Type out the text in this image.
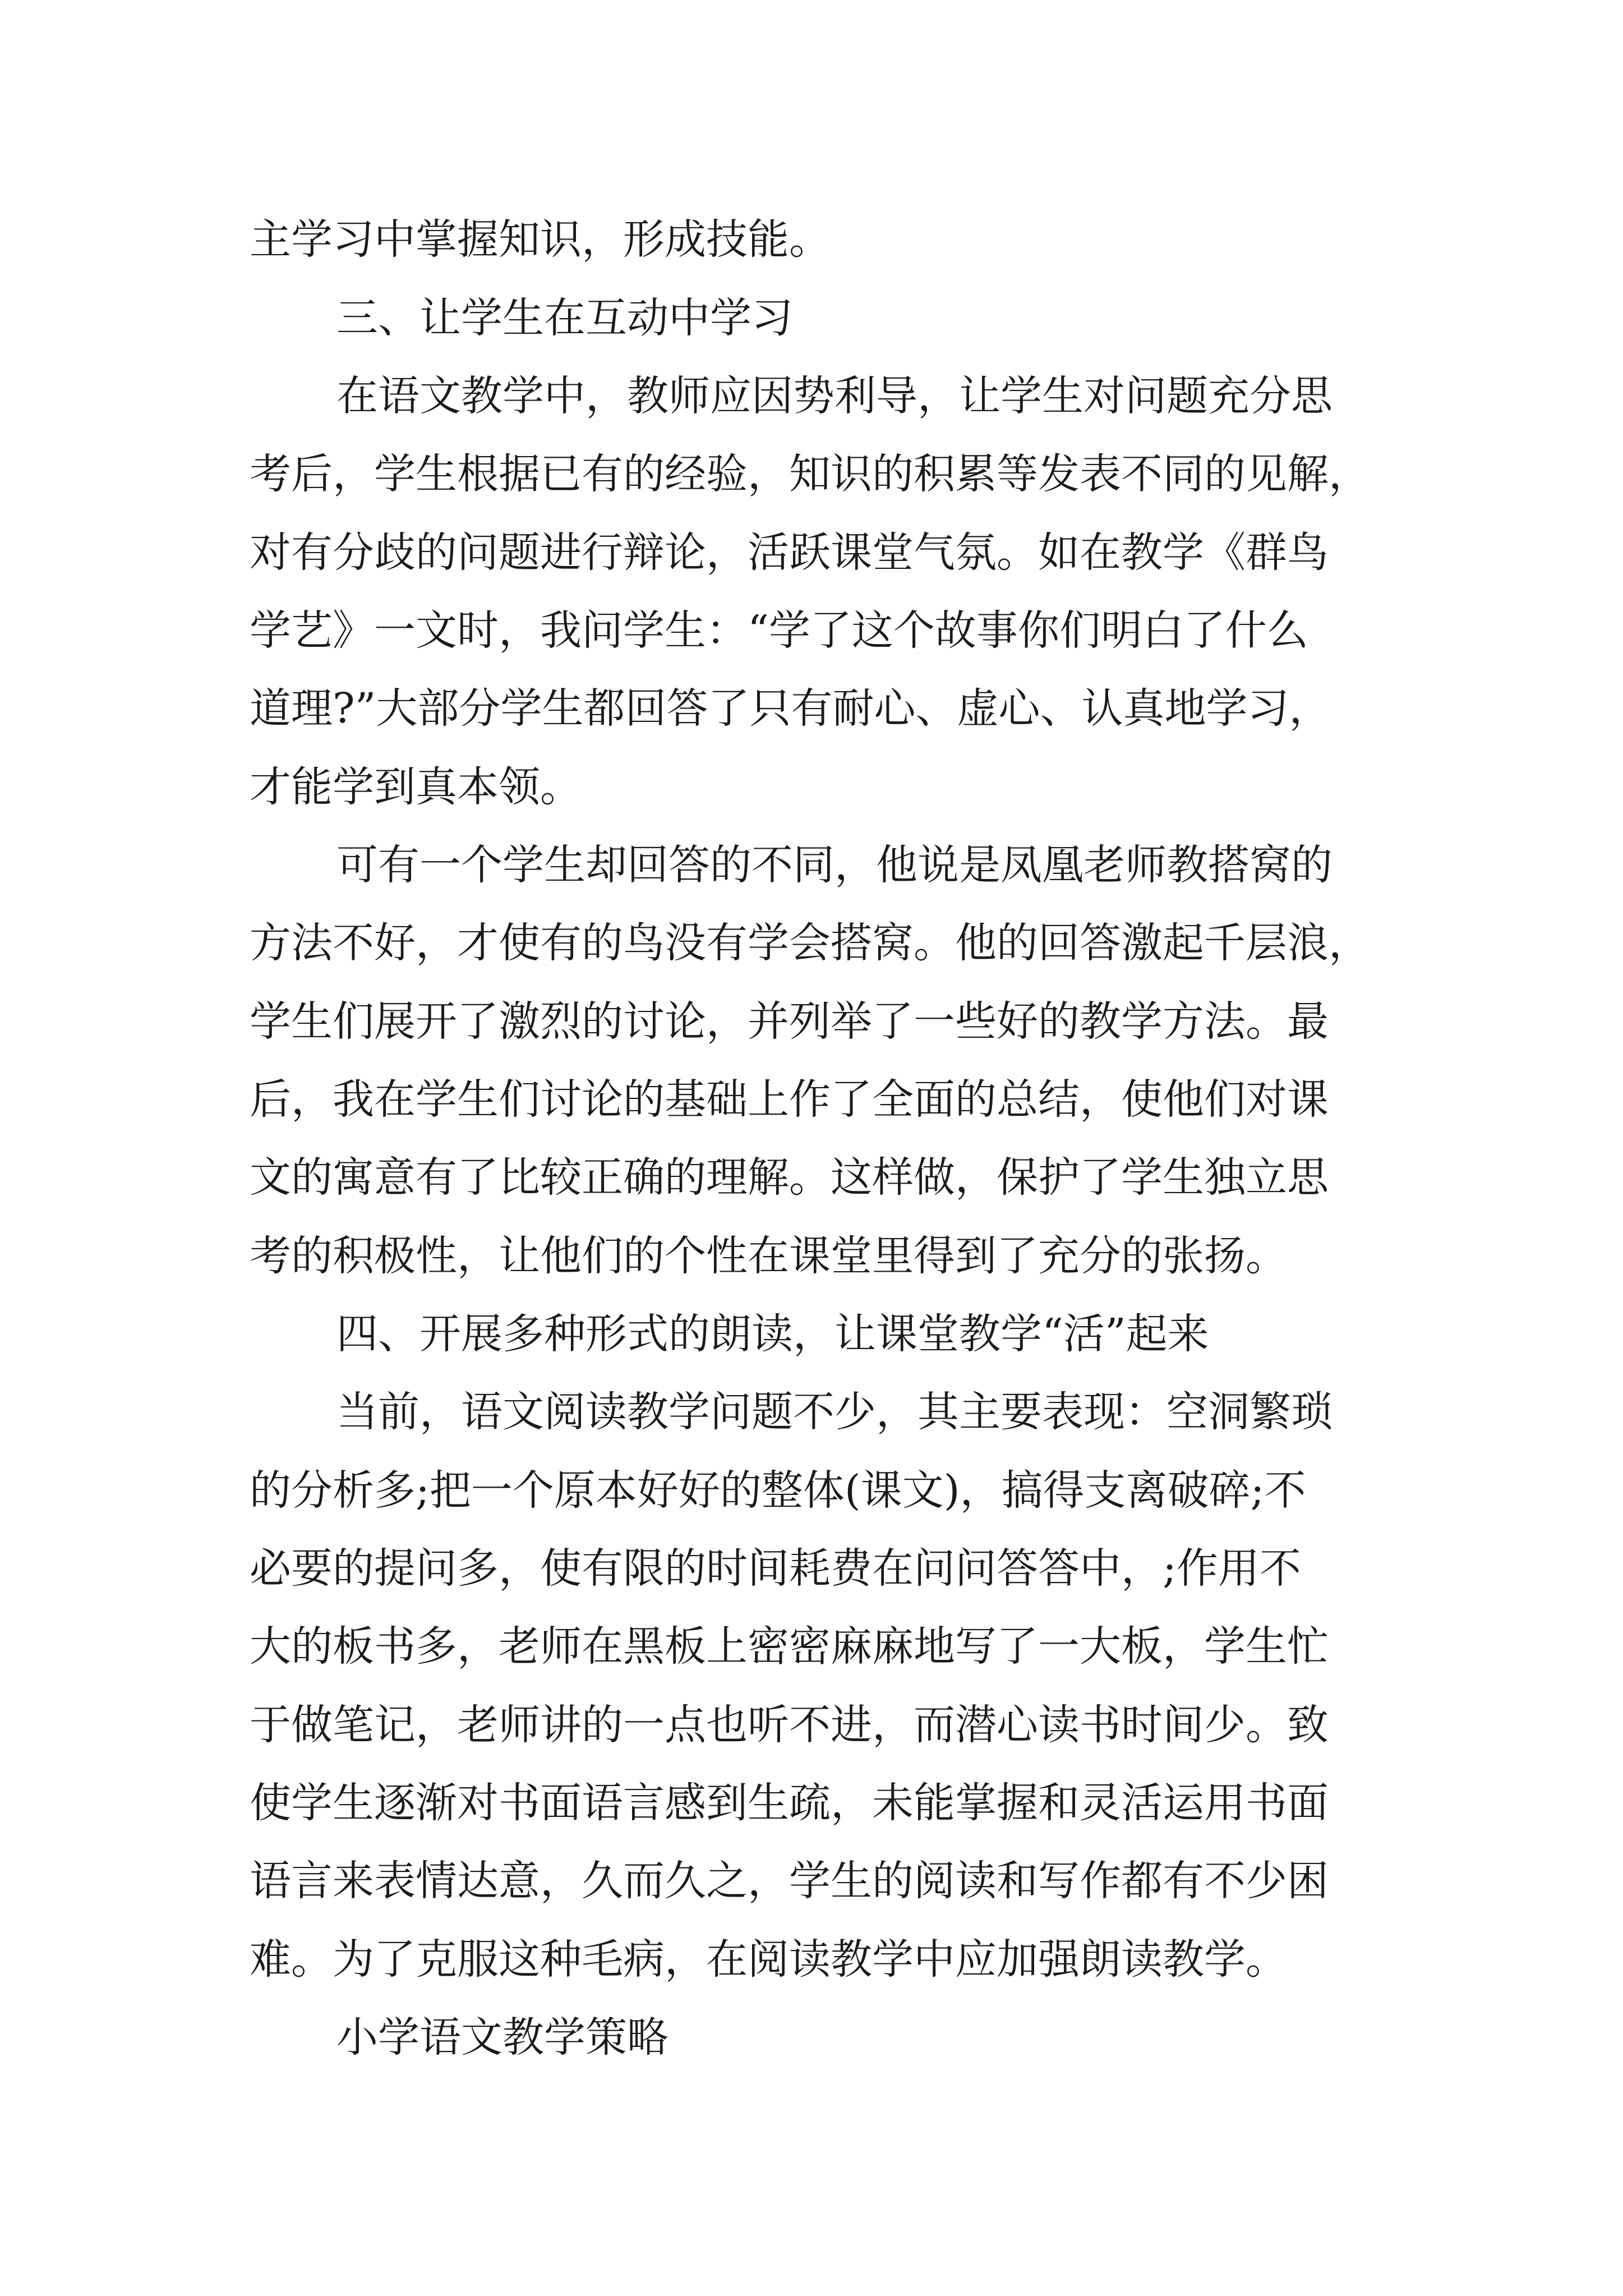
主学习中掌握知识，形成技能。

三、让学生在互动中学习

在语文教学中，教师应因势利导，让学生对问题充分思

考后，学生根据已有的经验，知识的积累等发表不同的见解，

对有分歧的问题进行辩论，活跃课堂气氛。如在教学《群鸟

学艺》一文时，我问学生：“学了这个故事你们明白了什么

道理?”大部分学生都回答了只有耐心、虚心、认真地学习，

才能学到真本领。

可有一个学生却回答的不同，他说是凤凰老师教搭窝的

方法不好，才使有的鸟没有学会搭窝。他的回答激起千层浪，

学生们展开了激烈的讨论，并列举了一些好的教学方法。最

后，我在学生们讨论的基础上作了全面的总结，使他们对课

文的寓意有了比较正确的理解。这样做，保护了学生独立思

考的积极性，让他们的个性在课堂里得到了充分的张扬。

四、开展多种形式的朗读，让课堂教学“活”起来

当前，语文阅读教学问题不少，其主要表现：空洞繁琐

的分析多;把一个原本好好的整体(课文)，搞得支离破碎;不

必要的提问多，使有限的时间耗费在问问答答中，;作用不

大的板书多，老师在黑板上密密麻麻地写了一大板，学生忙

于做笔记，老师讲的一点也听不进，而潜心读书时间少。致

使学生逐渐对书面语言感到生疏，未能掌握和灵活运用书面

语言来表情达意，久而久之，学生的阅读和写作都有不少困

难。为了克服这种毛病，在阅读教学中应加强朗读教学。

小学语文教学策略
